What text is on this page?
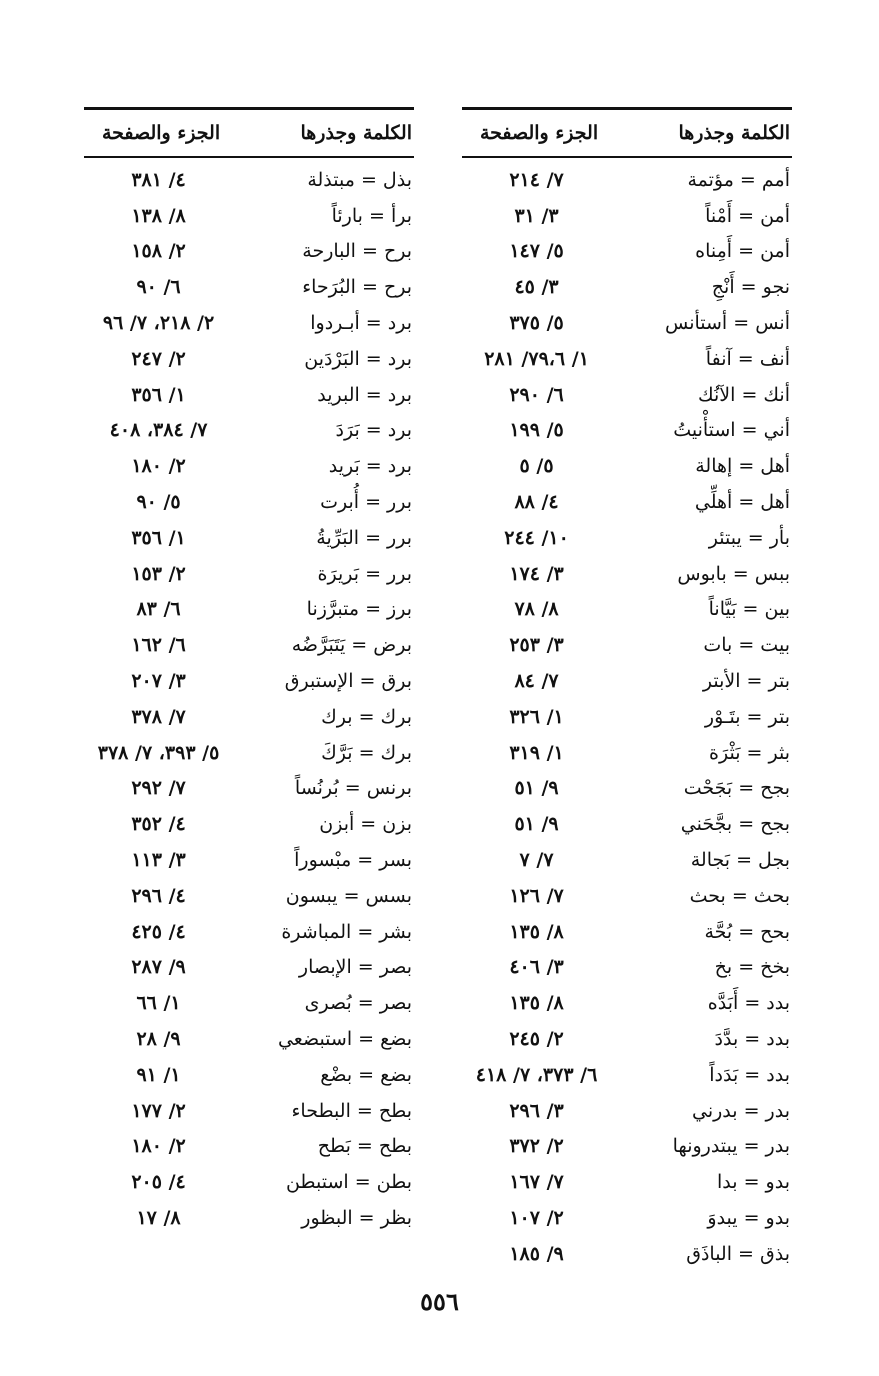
الكلمة وجذرها
الجزء والصفحة
أمم = مؤتمة
٧/ ٢١٤
أمن = أَمْناً
٣/ ٣١
أمن = أَمِناه
٥/ ١٤٧
نجو = أَنْجِ
٣/ ٤٥
أنس = أستأنس
٥/ ٣٧٥
أنف = آنفاً
١/ ٧٩،٦/ ٢٨١
أنك = الآنُك
٦/ ٢٩٠
أني = استأْنيتُ
٥/ ١٩٩
أهل = إهالة
٥/ ٥
أهل = أهلِّي
٤/ ٨٨
بأر = يبتئر
١٠/ ٢٤٤
ببس = بابوس
٣/ ١٧٤
بين = بَيَّاناً
٨/ ٧٨
بيت = بات
٣/ ٢٥٣
بتر = الأبتر
٧/ ٨٤
بتر = بتَـوْر
١/ ٣٢٦
بثر = بَثْرَة
١/ ٣١٩
بجح = بَجَحْت
٩/ ٥١
بجح = بجَّحَني
٩/ ٥١
بجل = بَجالة
٧/ ٧
بحث = بحث
٧/ ١٢٦
بحح = بُحَّة
٨/ ١٣٥
بخخ = بخ
٣/ ٤٠٦
بدد = أَبَدَّه
٨/ ١٣٥
بدد = بدَّدَ
٢/ ٢٤٥
بدد = بَدَداً
٦/ ٣٧٣، ٧/ ٤١٨
بدر = بدرني
٣/ ٢٩٦
بدر = يبتدرونها
٢/ ٣٧٢
بدو = بدا
٧/ ١٦٧
بدو = يبدوَ
٢/ ١٠٧
بذق = الباذَق
٩/ ١٨٥
الكلمة وجذرها
الجزء والصفحة
بذل = مبتذلة
٤/ ٣٨١
برأ = بارئاً
٨/ ١٣٨
برح = البارحة
٢/ ١٥٨
برح = البُرَحاء
٦/ ٩٠
برد = أبـردوا
٢/ ٢١٨، ٧/ ٩٦
برد = البَرْدَين
٢/ ٢٤٧
برد = البريد
١/ ٣٥٦
برد = بَرَدَ
٧/ ٣٨٤، ٤٠٨
برد = بَريد
٢/ ١٨٠
برر = أُبرت
٥/ ٩٠
برر = البَرِّيةُ
١/ ٣٥٦
برر = بَريرَة
٢/ ١٥٣
برز = متبرَّزنا
٦/ ٨٣
برض = يَتَبَرَّضُه
٦/ ١٦٢
برق = الإستبرق
٣/ ٢٠٧
برك = برك
٧/ ٣٧٨
برك = بَرَّكَ
٥/ ٣٩٣، ٧/ ٣٧٨
برنس = بُرنُساً
٧/ ٢٩٢
بزن = أبزن
٤/ ٣٥٢
بسر = مبْسوراً
٣/ ١١٣
بسس = يبسون
٤/ ٢٩٦
بشر = المباشرة
٤/ ٤٢٥
بصر = الإبصار
٩/ ٢٨٧
بصر = بُصرى
١/ ٦٦
بضع = استبضعي
٩/ ٢٨
بضع = بضْع
١/ ٩١
بطح = البطحاء
٢/ ١٧٧
بطح = بَطح
٢/ ١٨٠
بطن = استبطن
٤/ ٢٠٥
بظر = البظور
٨/ ١٧
٥٥٦
